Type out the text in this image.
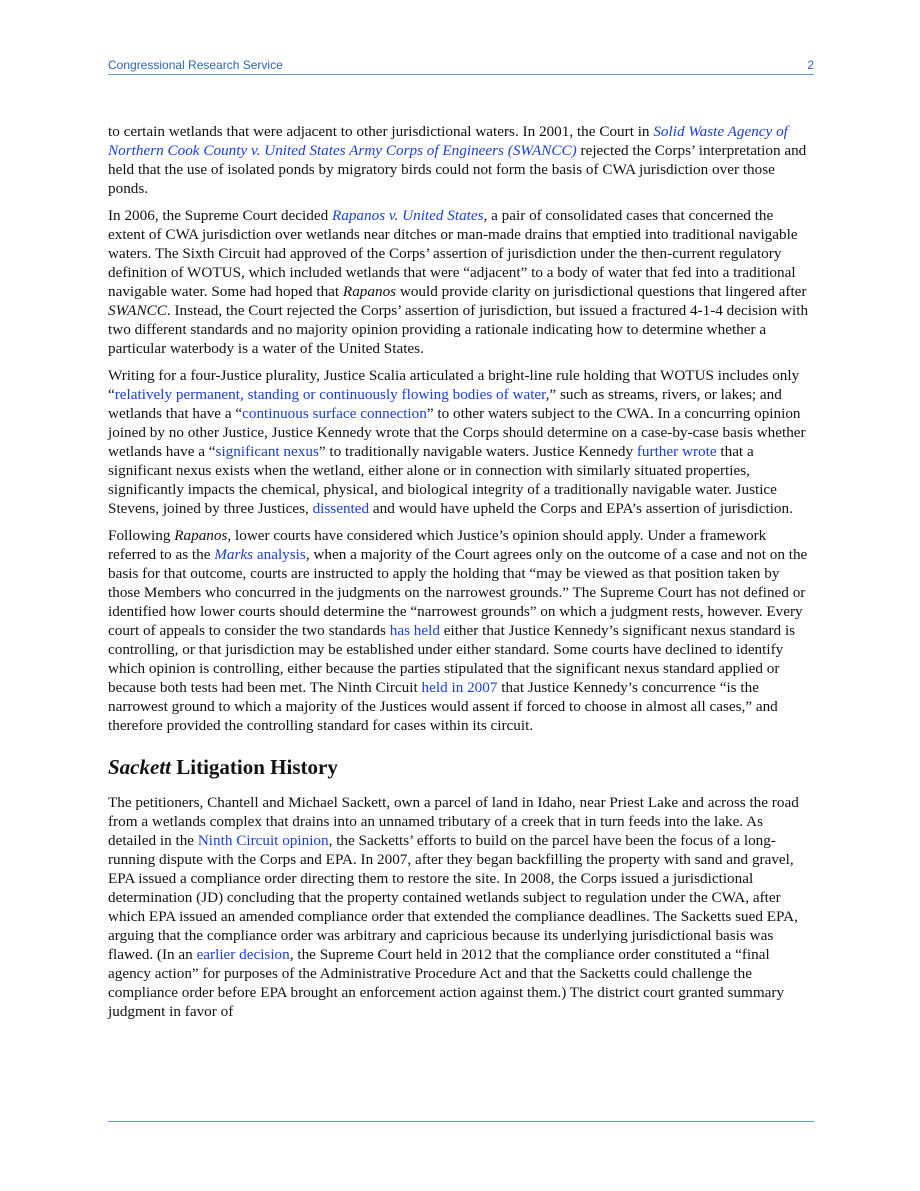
Congressional Research Service	2

to certain wetlands that were adjacent to other jurisdictional waters. In 2001, the Court in Solid Waste Agency of Northern Cook County v. United States Army Corps of Engineers (SWANCC) rejected the Corps’ interpretation and held that the use of isolated ponds by migratory birds could not form the basis of CWA jurisdiction over those ponds.

In 2006, the Supreme Court decided Rapanos v. United States, a pair of consolidated cases that concerned the extent of CWA jurisdiction over wetlands near ditches or man-made drains that emptied into traditional navigable waters. The Sixth Circuit had approved of the Corps’ assertion of jurisdiction under the then-current regulatory definition of WOTUS, which included wetlands that were “adjacent” to a body of water that fed into a traditional navigable water. Some had hoped that Rapanos would provide clarity on jurisdictional questions that lingered after SWANCC. Instead, the Court rejected the Corps’ assertion of jurisdiction, but issued a fractured 4-1-4 decision with two different standards and no majority opinion providing a rationale indicating how to determine whether a particular waterbody is a water of the United States.

Writing for a four-Justice plurality, Justice Scalia articulated a bright-line rule holding that WOTUS includes only “relatively permanent, standing or continuously flowing bodies of water,” such as streams, rivers, or lakes; and wetlands that have a “continuous surface connection” to other waters subject to the CWA. In a concurring opinion joined by no other Justice, Justice Kennedy wrote that the Corps should determine on a case-by-case basis whether wetlands have a “significant nexus” to traditionally navigable waters. Justice Kennedy further wrote that a significant nexus exists when the wetland, either alone or in connection with similarly situated properties, significantly impacts the chemical, physical, and biological integrity of a traditionally navigable water. Justice Stevens, joined by three Justices, dissented and would have upheld the Corps and EPA’s assertion of jurisdiction.

Following Rapanos, lower courts have considered which Justice’s opinion should apply. Under a framework referred to as the Marks analysis, when a majority of the Court agrees only on the outcome of a case and not on the basis for that outcome, courts are instructed to apply the holding that “may be viewed as that position taken by those Members who concurred in the judgments on the narrowest grounds.” The Supreme Court has not defined or identified how lower courts should determine the “narrowest grounds” on which a judgment rests, however. Every court of appeals to consider the two standards has held either that Justice Kennedy’s significant nexus standard is controlling, or that jurisdiction may be established under either standard. Some courts have declined to identify which opinion is controlling, either because the parties stipulated that the significant nexus standard applied or because both tests had been met. The Ninth Circuit held in 2007 that Justice Kennedy’s concurrence “is the narrowest ground to which a majority of the Justices would assent if forced to choose in almost all cases,” and therefore provided the controlling standard for cases within its circuit.

Sackett Litigation History

The petitioners, Chantell and Michael Sackett, own a parcel of land in Idaho, near Priest Lake and across the road from a wetlands complex that drains into an unnamed tributary of a creek that in turn feeds into the lake. As detailed in the Ninth Circuit opinion, the Sacketts’ efforts to build on the parcel have been the focus of a long-running dispute with the Corps and EPA. In 2007, after they began backfilling the property with sand and gravel, EPA issued a compliance order directing them to restore the site. In 2008, the Corps issued a jurisdictional determination (JD) concluding that the property contained wetlands subject to regulation under the CWA, after which EPA issued an amended compliance order that extended the compliance deadlines. The Sacketts sued EPA, arguing that the compliance order was arbitrary and capricious because its underlying jurisdictional basis was flawed. (In an earlier decision, the Supreme Court held in 2012 that the compliance order constituted a “final agency action” for purposes of the Administrative Procedure Act and that the Sacketts could challenge the compliance order before EPA brought an enforcement action against them.) The district court granted summary judgment in favor of
